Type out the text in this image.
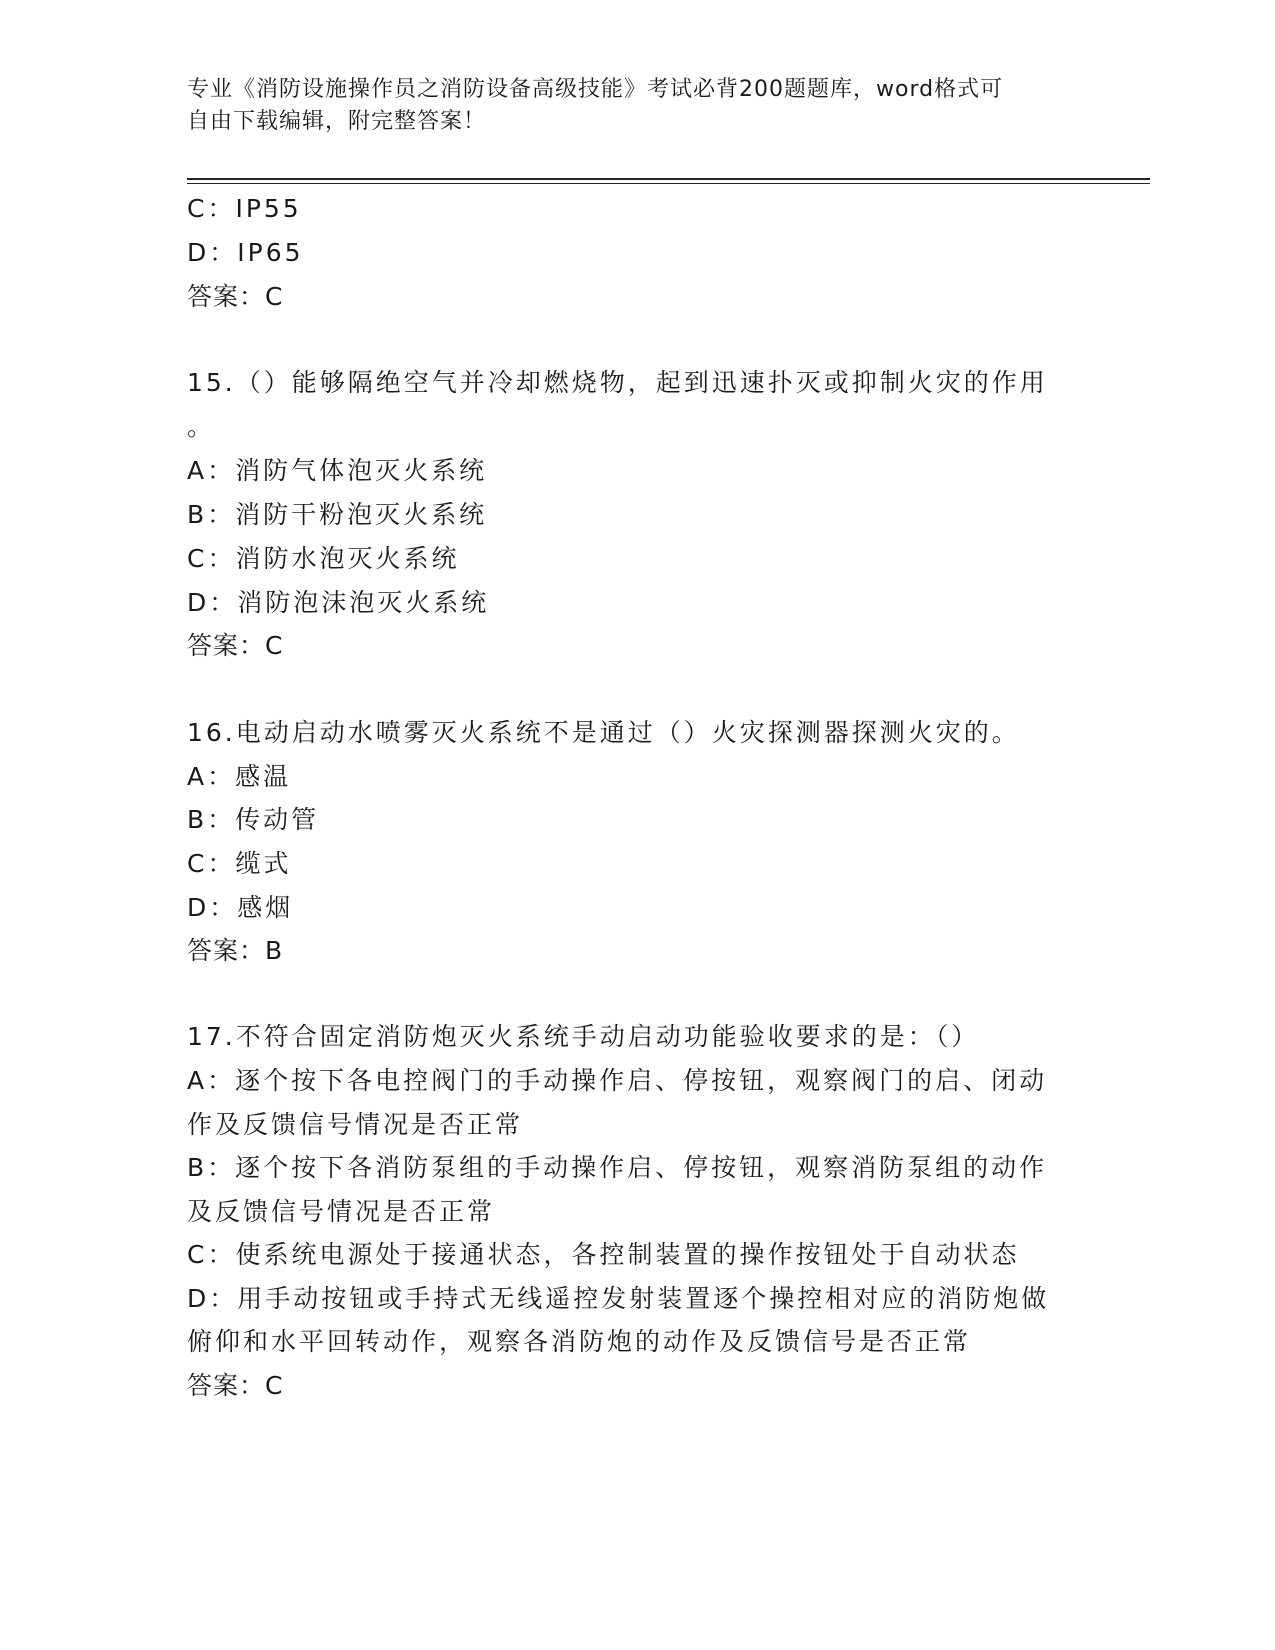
专业《消防设施操作员之消防设备高级技能》考试必背200题题库，word格式可
自由下载编辑，附完整答案！
C：IP55
D：IP65
答案：C
15.（）能够隔绝空气并冷却燃烧物，起到迅速扑灭或抑制火灾的作用
。
A：消防气体泡灭火系统
B：消防干粉泡灭火系统
C：消防水泡灭火系统
D：消防泡沫泡灭火系统
答案：C
16.电动启动水喷雾灭火系统不是通过（）火灾探测器探测火灾的。
A：感温
B：传动管
C：缆式
D：感烟
答案：B
17.不符合固定消防炮灭火系统手动启动功能验收要求的是：（）
A：逐个按下各电控阀门的手动操作启、停按钮，观察阀门的启、闭动
作及反馈信号情况是否正常
B：逐个按下各消防泵组的手动操作启、停按钮，观察消防泵组的动作
及反馈信号情况是否正常
C：使系统电源处于接通状态，各控制装置的操作按钮处于自动状态
D：用手动按钮或手持式无线遥控发射装置逐个操控相对应的消防炮做
俯仰和水平回转动作，观察各消防炮的动作及反馈信号是否正常
答案：C
